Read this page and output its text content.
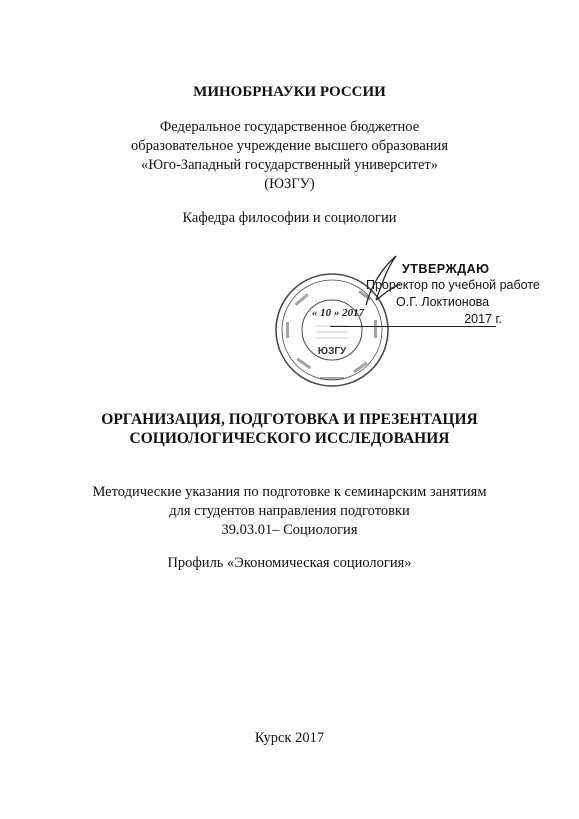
МИНОБРНАУКИ РОССИИ
Федеральное государственное бюджетное
образовательное учреждение высшего образования
«Юго-Западный государственный университет»
(ЮЗГУ)
Кафедра философии и социологии
ЮЗГУ
« 10 » 2017
УТВЕРЖДАЮ
Проректор по учебной работе
О.Г. Локтионова
2017 г.
ОРГАНИЗАЦИЯ, ПОДГОТОВКА И ПРЕЗЕНТАЦИЯ
СОЦИОЛОГИЧЕСКОГО ИССЛЕДОВАНИЯ
Методические указания по подготовке к семинарским занятиям
для студентов направления подготовки
39.03.01– Социология
Профиль «Экономическая социология»
Курск 2017
